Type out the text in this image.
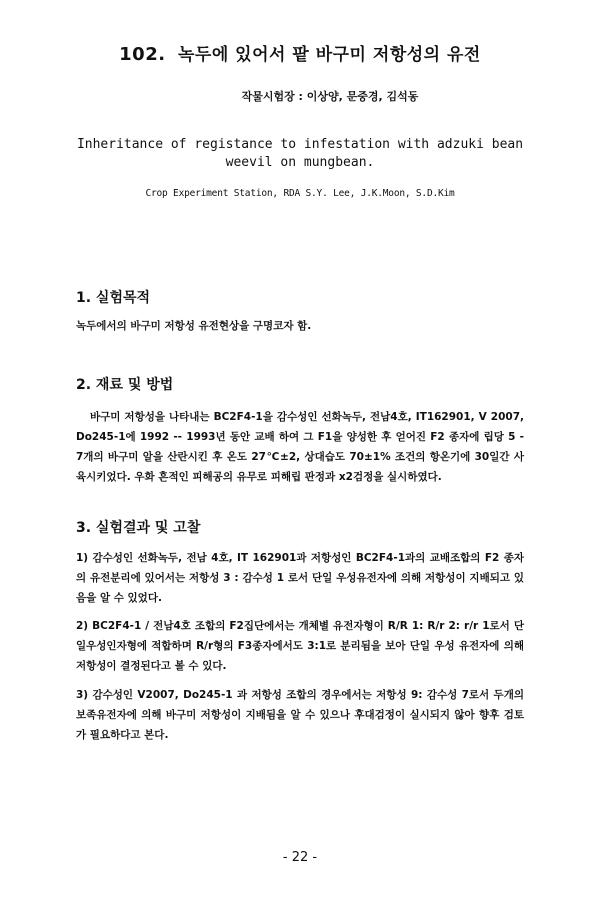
102. 녹두에 있어서 팥 바구미 저항성의 유전
작물시험장 : 이상양, 문중경, 김석동
Inheritance of registance to infestation with adzuki bean weevil on mungbean.
Crop Experiment Station, RDA S.Y. Lee, J.K.Moon, S.D.Kim
1. 실험목적
녹두에서의 바구미 저항성 유전현상을 구명코자 함.
2. 재료 및 방법
바구미 저항성을 나타내는 BC2F4-1을 감수성인 선화녹두, 전남4호, IT162901, V 2007, Do245-1에 1992 -- 1993년 동안 교배 하여 그 F1을 양성한 후 얻어진 F2 종자에 립당 5 - 7개의 바구미 알을 산란시킨 후 온도 27℃±2, 상대습도 70±1% 조건의 항온기에 30일간 사육시키었다. 우화 흔적인 피해공의 유무로 피해립 판정과 x2검정을 실시하였다.
3. 실험결과 및 고찰
1) 감수성인 선화녹두, 전남 4호, IT 162901과 저항성인 BC2F4-1과의 교배조합의 F2 종자의 유전분리에 있어서는 저항성 3 : 감수성 1 로서 단일 우성유전자에 의해 저항성이 지배되고 있음을 알 수 있었다.
2) BC2F4-1 / 전남4호 조합의 F2집단에서는 개체별 유전자형이 R/R 1: R/r 2: r/r 1로서 단일우성인자형에 적합하며 R/r형의 F3종자에서도 3:1로 분리됨을 보아 단일 우성 유전자에 의해 저항성이 결정된다고 볼 수 있다.
3) 감수성인 V2007, Do245-1 과 저항성 조합의 경우에서는 저항성 9: 감수성 7로서 두개의 보족유전자에 의해 바구미 저항성이 지배됨을 알 수 있으나 후대검정이 실시되지 않아 향후 검토가 필요하다고 본다.
- 22 -
